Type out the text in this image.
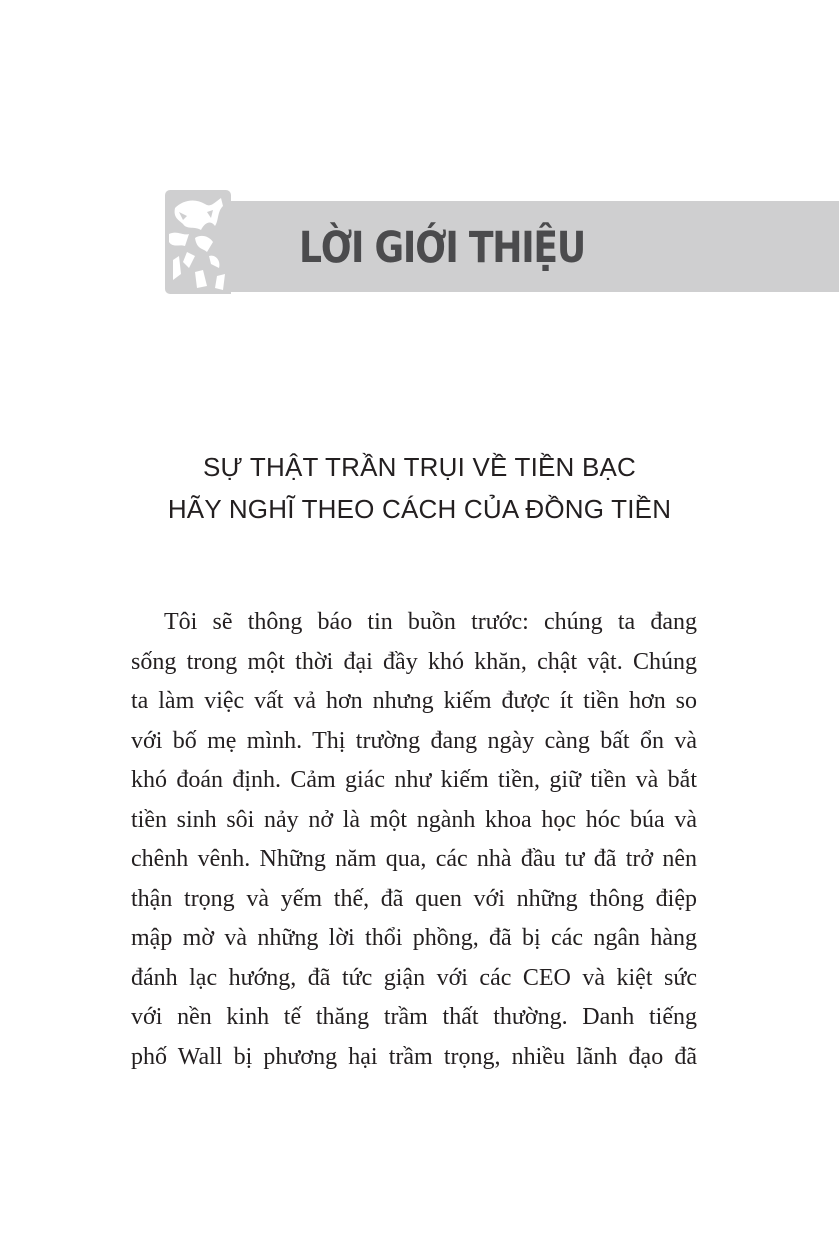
LỜI GIỚI THIỆU
SỰ THẬT TRẦN TRỤI VỀ TIỀN BẠC
HÃY NGHĨ THEO CÁCH CỦA ĐỒNG TIỀN
Tôi sẽ thông báo tin buồn trước: chúng ta đang
sống trong một thời đại đầy khó khăn, chật vật. Chúng
ta làm việc vất vả hơn nhưng kiếm được ít tiền hơn so
với bố mẹ mình. Thị trường đang ngày càng bất ổn và
khó đoán định. Cảm giác như kiếm tiền, giữ tiền và bắt
tiền sinh sôi nảy nở là một ngành khoa học hóc búa và
chênh vênh. Những năm qua, các nhà đầu tư đã trở nên
thận trọng và yếm thế, đã quen với những thông điệp
mập mờ và những lời thổi phồng, đã bị các ngân hàng
đánh lạc hướng, đã tức giận với các CEO và kiệt sức
với nền kinh tế thăng trầm thất thường. Danh tiếng
phố Wall bị phương hại trầm trọng, nhiều lãnh đạo đã
